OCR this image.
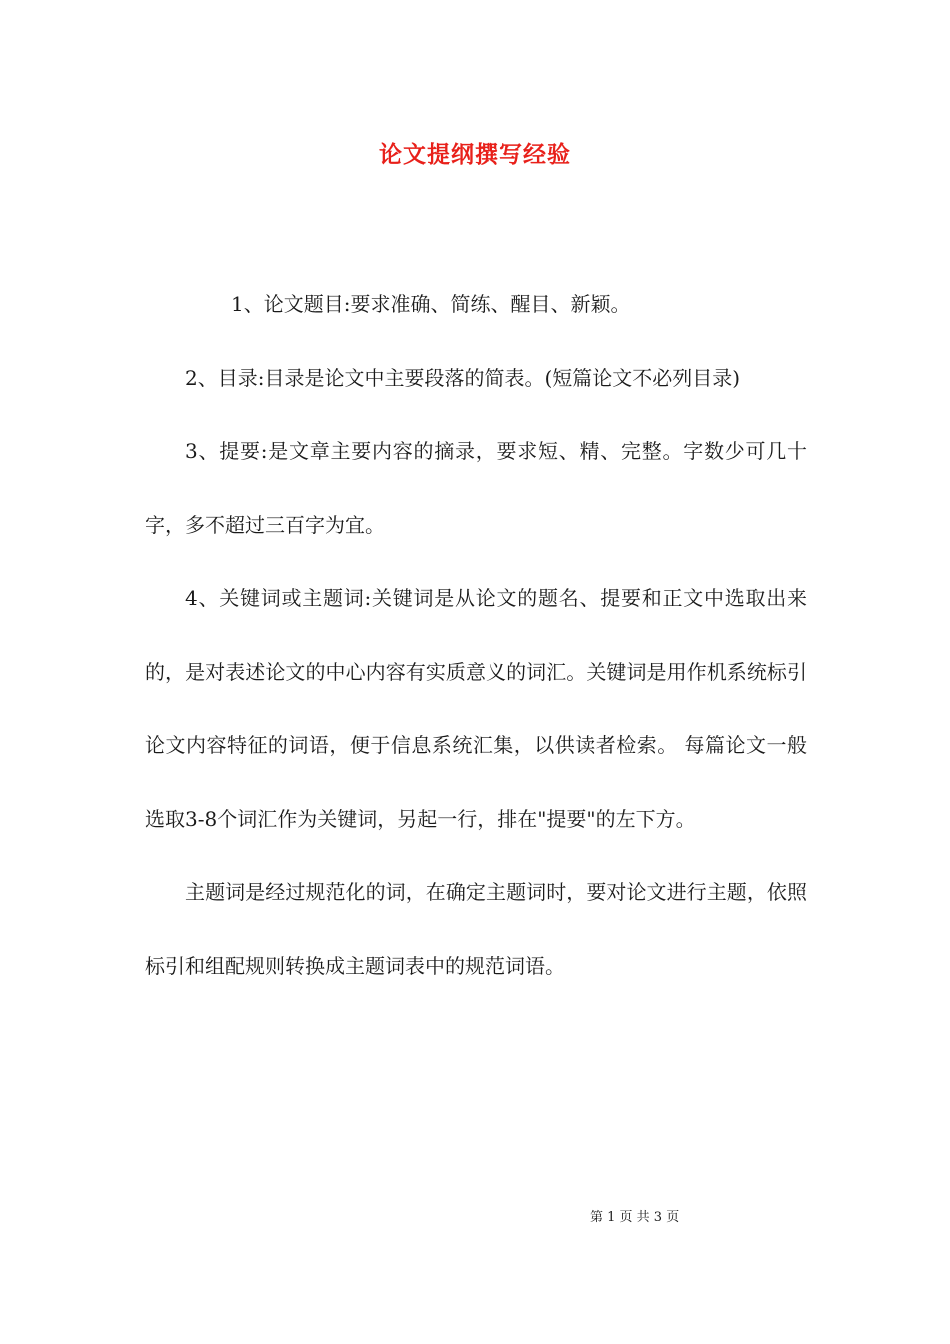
论文提纲撰写经验

1、论文题目:要求准确、简练、醒目、新颖。

2、目录:目录是论文中主要段落的简表。(短篇论文不必列目录)

3、提要:是文章主要内容的摘录，要求短、精、完整。字数少可几十字，多不超过三百字为宜。

4、关键词或主题词:关键词是从论文的题名、提要和正文中选取出来的，是对表述论文的中心内容有实质意义的词汇。关键词是用作机系统标引论文内容特征的词语，便于信息系统汇集，以供读者检索。 每篇论文一般选取3-8个词汇作为关键词，另起一行，排在"提要"的左下方。

主题词是经过规范化的词，在确定主题词时，要对论文进行主题，依照标引和组配规则转换成主题词表中的规范词语。

第 1 页 共 3 页
